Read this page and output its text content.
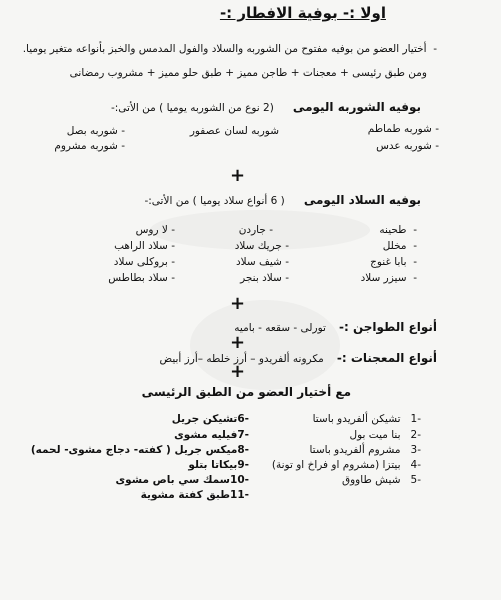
اولا :- بوفية الافطار :-
-  أختيار العضو من بوفيه مفتوح من الشوربه والسلاد والفول المدمس والخبز بأنواعه متغير يوميا.
ومن طبق رئيسى + معجنات + طاجن مميز + طبق حلو مميز + مشروب رمضانى
بوفيه الشوربه اليومى (2 نوع من الشوربه يوميا ) من الأتى:-
- شوربه طماطم
شوربه لسان عصفور
- شوربه بصل
- شوربه عدس
- شوربه مشروم
+
بوفيه السلاد اليومى ( 6 أنواع سلاد يوميا ) من الأتى:-
-  طحينه
- جاردن
- لا روس
-  مخلل
- جريك سلاد
- سلاد الراهب
-  بابا غنوج
- شيف سلاد
- بروكلى سلاد
-  سيزر سلاد
- سلاد بنجر
- سلاد بطاطس
+
أنواع الطواجن :- تورلى - سقعه - باميه
+
أنواع المعجنات :- مكرونه ألفريدو – أرز خلطه –أرز أبيض
+
مع أختيار العضو من الطبق الرئيسى
-1   تشيكن ألفريدو باستا
-2   بنا ميت بول
-3   مشروم ألفريدو باستا
-4   بيتزا (مشروم او فراخ او تونة)
-5   شيش طاووق
-6تشيكن جريل
-7فيليه مشوى
-8ميكس جريل ( كفته- دجاج مشوى- لحمه)
-9بيكاتا بتلو
-10سمك سي باص مشوى
-11طبق كفتة مشوية
